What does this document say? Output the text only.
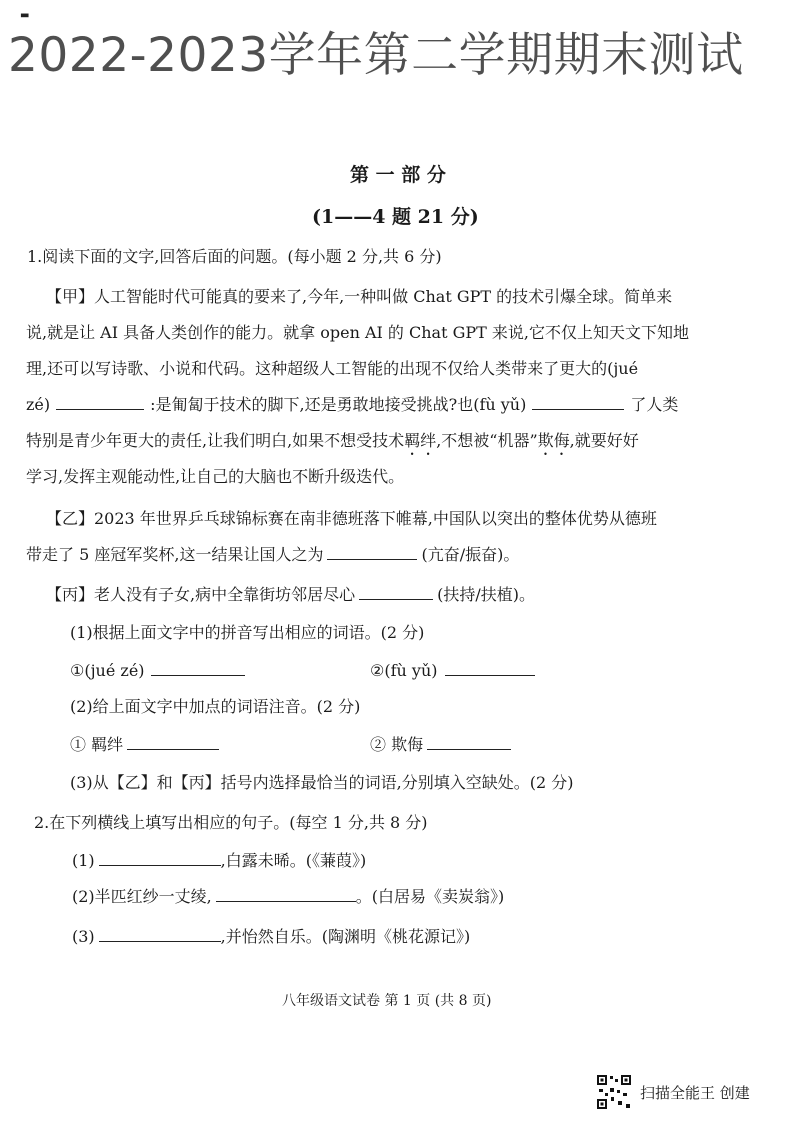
▬
2022-2023学年第二学期期末测试
第 一 部 分
(1——4 题 21 分)
1.阅读下面的文字,回答后面的问题。(每小题 2 分,共 6 分)
【甲】人工智能时代可能真的要来了,今年,一种叫做 Chat GPT 的技术引爆全球。简单来
说,就是让 AI 具备人类创作的能力。就拿 open AI 的 Chat GPT 来说,它不仅上知天文下知地
理,还可以写诗歌、小说和代码。这种超级人工智能的出现不仅给人类带来了更大的(jué
zé)	:是匍匐于技术的脚下,还是勇敢地接受挑战?也(fù yǔ)	了人类
特别是青少年更大的责任,让我们明白,如果不想受技术羁绊,不想被“机器”欺侮,就要好好
学习,发挥主观能动性,让自己的大脑也不断升级迭代。
【乙】2023 年世界乒乓球锦标赛在南非德班落下帷幕,中国队以突出的整体优势从德班
带走了 5 座冠军奖杯,这一结果让国人之为	(亢奋/振奋)。
【丙】老人没有子女,病中全靠街坊邻居尽心	(扶持/扶植)。
(1)根据上面文字中的拼音写出相应的词语。(2 分)
①(jué zé)	②(fù yǔ)
(2)给上面文字中加点的词语注音。(2 分)
① 羁绊	② 欺侮
(3)从【乙】和【丙】括号内选择最恰当的词语,分别填入空缺处。(2 分)
2.在下列横线上填写出相应的句子。(每空 1 分,共 8 分)
(1)	,白露未晞。(《蒹葭》)
(2)半匹红纱一丈绫,	。(白居易《卖炭翁》)
(3)	,并怡然自乐。(陶渊明《桃花源记》)
八年级语文试卷 第 1 页 (共 8 页)
扫描全能王 创建
